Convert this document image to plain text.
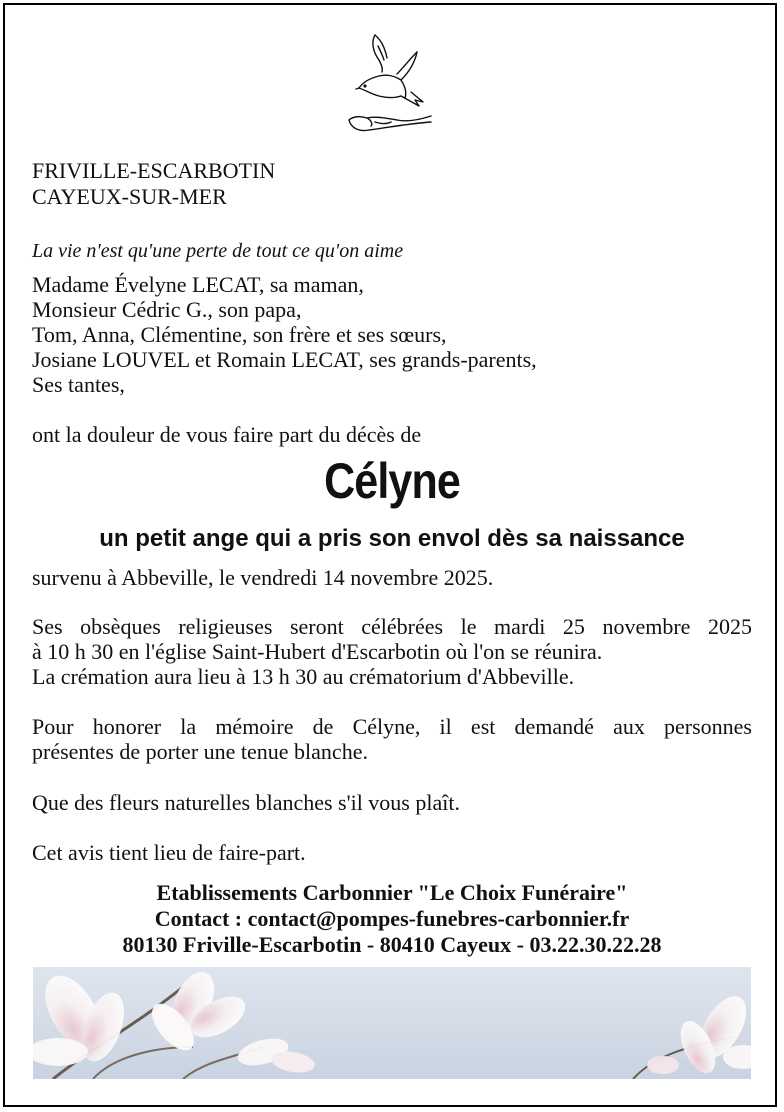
FRIVILLE-ESCARBOTIN
CAYEUX-SUR-MER
La vie n'est qu'une perte de tout ce qu'on aime
Madame Évelyne LECAT, sa maman,
Monsieur Cédric G., son papa,
Tom, Anna, Clémentine, son frère et ses sœurs,
Josiane LOUVEL et Romain LECAT, ses grands-parents,
Ses tantes,
ont la douleur de vous faire part du décès de
Célyne
un petit ange qui a pris son envol dès sa naissance
survenu à Abbeville, le vendredi 14 novembre 2025.
Ses obsèques religieuses seront célébrées le mardi 25 novembre 2025
à 10 h 30 en l'église Saint-Hubert d'Escarbotin où l'on se réunira.
La crémation aura lieu à 13 h 30 au crématorium d'Abbeville.
Pour honorer la mémoire de Célyne, il est demandé aux personnes
présentes de porter une tenue blanche.
Que des fleurs naturelles blanches s'il vous plaît.
Cet avis tient lieu de faire-part.
Etablissements Carbonnier "Le Choix Funéraire"
Contact : contact@pompes-funebres-carbonnier.fr
80130 Friville-Escarbotin - 80410 Cayeux - 03.22.30.22.28
